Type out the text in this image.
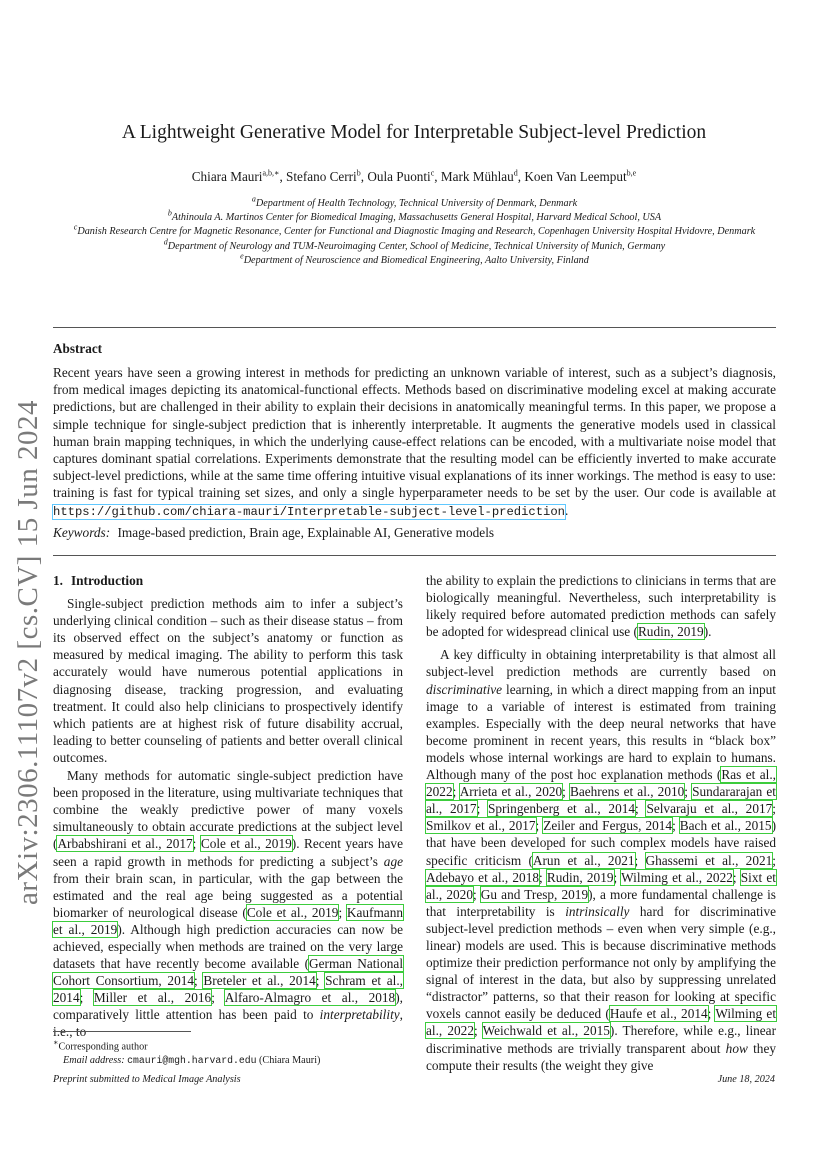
arXiv:2306.11107v2 [cs.CV] 15 Jun 2024
A Lightweight Generative Model for Interpretable Subject-level Prediction
Chiara Mauri$^{a,b,∗}$, Stefano Cerri$^b$, Oula Puonti$^c$, Mark Mühlau$^d$, Koen Van Leemput$^{b,e}$
$^a$Department of Health Technology, Technical University of Denmark, Denmark
$^b$Athinoula A. Martinos Center for Biomedical Imaging, Massachusetts General Hospital, Harvard Medical School, USA
$^c$Danish Research Centre for Magnetic Resonance, Center for Functional and Diagnostic Imaging and Research, Copenhagen University Hospital Hvidovre, Denmark
$^d$Department of Neurology and TUM-Neuroimaging Center, School of Medicine, Technical University of Munich, Germany
$^e$Department of Neuroscience and Biomedical Engineering, Aalto University, Finland
Abstract
Recent years have seen a growing interest in methods for predicting an unknown variable of interest, such as a subject’s diagnosis, from medical images depicting its anatomical-functional effects. Methods based on discriminative modeling excel at making accurate predictions, but are challenged in their ability to explain their decisions in anatomically meaningful terms. In this paper, we propose a simple technique for single-subject prediction that is inherently interpretable. It augments the generative models used in classical human brain mapping techniques, in which the underlying cause-effect relations can be encoded, with a multivariate noise model that captures dominant spatial correlations. Experiments demonstrate that the resulting model can be efficiently inverted to make accurate subject-level predictions, while at the same time offering intuitive visual explanations of its inner workings. The method is easy to use: training is fast for typical training set sizes, and only a single hyperparameter needs to be set by the user. Our code is available at https://github.com/chiara-mauri/Interpretable-subject-level-prediction.
Keywords: Image-based prediction, Brain age, Explainable AI, Generative models
1. Introduction

Single-subject prediction methods aim to infer a subject’s underlying clinical condition – such as their disease status – from its observed effect on the subject’s anatomy or function as measured by medical imaging. The ability to perform this task accurately would have numerous potential applications in diagnosing disease, tracking progression, and evaluating treatment. It could also help clinicians to prospectively identify which patients are at highest risk of future disability accrual, leading to better counseling of patients and better overall clinical outcomes.

Many methods for automatic single-subject prediction have been proposed in the literature, using multivariate techniques that combine the weakly predictive power of many voxels simultaneously to obtain accurate predictions at the subject level (Arbabshirani et al., 2017; Cole et al., 2019). Recent years have seen a rapid growth in methods for predicting a subject’s age from their brain scan, in particular, with the gap between the estimated and the real age being suggested as a potential biomarker of neurological disease (Cole et al., 2019; Kaufmann et al., 2019). Although high prediction accuracies can now be achieved, especially when methods are trained on the very large datasets that have recently become available (German National Cohort Consortium, 2014; Breteler et al., 2014; Schram et al., 2014; Miller et al., 2016; Alfaro-Almagro et al., 2018), comparatively little attention has been paid to interpretability, i.e., to

the ability to explain the predictions to clinicians in terms that are biologically meaningful. Nevertheless, such interpretability is likely required before automated prediction methods can safely be adopted for widespread clinical use (Rudin, 2019).

A key difficulty in obtaining interpretability is that almost all subject-level prediction methods are currently based on discriminative learning, in which a direct mapping from an input image to a variable of interest is estimated from training examples. Especially with the deep neural networks that have become prominent in recent years, this results in “black box” models whose internal workings are hard to explain to humans. Although many of the post hoc explanation methods (Ras et al., 2022; Arrieta et al., 2020; Baehrens et al., 2010; Sundararajan et al., 2017; Springenberg et al., 2014; Selvaraju et al., 2017; Smilkov et al., 2017; Zeiler and Fergus, 2014; Bach et al., 2015) that have been developed for such complex models have raised specific criticism (Arun et al., 2021; Ghassemi et al., 2021; Adebayo et al., 2018; Rudin, 2019; Wilming et al., 2022; Sixt et al., 2020; Gu and Tresp, 2019), a more fundamental challenge is that interpretability is intrinsically hard for discriminative subject-level prediction methods – even when very simple (e.g., linear) models are used. This is because discriminative methods optimize their prediction performance not only by amplifying the signal of interest in the data, but also by suppressing unrelated “distractor” patterns, so that their reason for looking at specific voxels cannot easily be deduced (Haufe et al., 2014; Wilming et al., 2022; Weichwald et al., 2015). Therefore, while e.g., linear discriminative methods are trivially transparent about how they compute their results (the weight they give

∗Corresponding author
Email address: cmauri@mgh.harvard.edu (Chiara Mauri)
Preprint submitted to Medical Image Analysis	June 18, 2024
